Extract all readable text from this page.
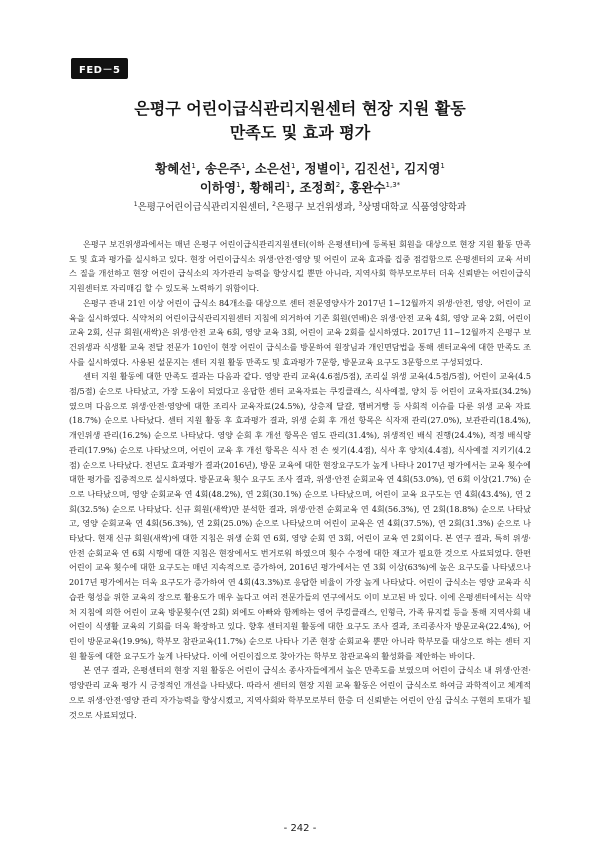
FED－5
은평구 어린이급식관리지원센터 현장 지원 활동
만족도 및 효과 평가
황혜선$^1$, 송은주$^1$, 소은선$^1$, 정별이$^1$, 김진선$^1$, 김지영$^1$
이하영$^1$, 황해리$^1$, 조정희$^2$, 홍완수$^{1,3*}$
$^1$은평구어린이급식관리지원센터, $^2$은평구 보건위생과, $^3$상명대학교 식품영양학과

은평구 보건위생과에서는 매년 은평구 어린이급식관리지원센터(이하 은평센터)에 등록된 회원을 대상으로 현장 지원 활동 만족도 및 효과 평가를 실시하고 있다. 현장 어린이급식소 위생·안전·영양 및 어린이 교육 효과를 집중 점검함으로 은평센터의 교육 서비스 질을 개선하고 현장 어린이 급식소의 자가관리 능력을 향상시킬 뿐만 아니라, 지역사회 학부모로부터 더욱 신뢰받는 어린이급식지원센터로 자리매김 할 수 있도록 노력하기 위함이다.

은평구 관내 21인 이상 어린이 급식소 84개소를 대상으로 센터 전문영양사가 2017년 1~12월까지 위생·안전, 영양, 어린이 교육을 실시하였다. 식약처의 어린이급식관리지원센터 지침에 의거하여 기존 회원(연배)은 위생·안전 교육 4회, 영양 교육 2회, 어린이 교육 2회, 신규 회원(새싹)은 위생·안전 교육 6회, 영양 교육 3회, 어린이 교육 2회를 실시하였다. 2017년 11~12월까지 은평구 보건위생과 식생활 교육 전달 전문가 10인이 현장 어린이 급식소를 방문하여 원장님과 개인면담법을 통해 센터교육에 대한 만족도 조사를 실시하였다. 사용된 설문지는 센터 지원 활동 만족도 및 효과평가 7문항, 방문교육 요구도 3문항으로 구성되었다.

센터 지원 활동에 대한 만족도 결과는 다음과 같다. 영양 관리 교육(4.6점/5점), 조리실 위생 교육(4.5점/5점), 어린이 교육(4.5점/5점) 순으로 나타났고, 가장 도움이 되었다고 응답한 센터 교육자료는 쿠킹클래스, 식사예절, 양치 등 어린이 교육자료(34.2%)였으며 다음으로 위생·안전·영양에 대한 조리사 교육자료(24.5%), 상층제 달걀, 햄버거빵 등 사회적 이슈를 다룬 위생 교육 자료(18.7%) 순으로 나타났다. 센터 지원 활동 후 효과평가 결과, 위생 순회 후 개선 항목은 식자재 관리(27.0%), 보관관리(18.4%), 개인위생 관리(16.2%) 순으로 나타났다. 영양 순회 후 개선 항목은 염도 관리(31.4%), 위생적인 배식 진행(24.4%), 적정 배식량 관리(17.9%) 순으로 나타났으며, 어린이 교육 후 개선 항목은 식사 전 손 씻기(4.4점), 식사 후 양치(4.4점), 식사예절 지키기(4.2점) 순으로 나타났다. 전년도 효과평가 결과(2016년), 방문 교육에 대한 현장요구도가 높게 나타나 2017년 평가에서는 교육 횟수에 대한 평가를 집중적으로 실시하였다. 방문교육 횟수 요구도 조사 결과, 위생·안전 순회교육 연 4회(53.0%), 연 6회 이상(21.7%) 순으로 나타났으며, 영양 순회교육 연 4회(48.2%), 연 2회(30.1%) 순으로 나타났으며, 어린이 교육 요구도는 연 4회(43.4%), 연 2회(32.5%) 순으로 나타났다. 신규 회원(새싹)만 분석한 결과, 위생·안전 순회교육 연 4회(56.3%), 연 2회(18.8%) 순으로 나타났고, 영양 순회교육 연 4회(56.3%), 연 2회(25.0%) 순으로 나타났으며 어린이 교육은 연 4회(37.5%), 연 2회(31.3%) 순으로 나타났다. 현재 신규 회원(새싹)에 대한 지침은 위생 순회 연 6회, 영양 순회 연 3회, 어린이 교육 연 2회이다. 본 연구 결과, 특히 위생·안전 순회교육 연 6회 시행에 대한 지침은 현장에서도 번거로워 하였으며 횟수 수정에 대한 재고가 필요한 것으로 사료되었다. 한편 어린이 교육 횟수에 대한 요구도는 매년 지속적으로 증가하여, 2016년 평가에서는 연 3회 이상(63%)에 높은 요구도를 나타냈으나 2017년 평가에서는 더욱 요구도가 증가하여 연 4회(43.3%)로 응답한 비율이 가장 높게 나타났다. 어린이 급식소는 영양 교육과 식습관 형성을 위한 교육의 장으로 활용도가 매우 높다고 여러 전문가들의 연구에서도 이미 보고된 바 있다. 이에 은평센터에서는 식약처 지침에 의한 어린이 교육 방문횟수(연 2회) 외에도 아빠와 함께하는 영어 쿠킹클래스, 인형극, 가족 뮤지컬 등을 통해 지역사회 내 어린이 식생활 교육의 기회를 더욱 확장하고 있다. 향후 센터지원 활동에 대한 요구도 조사 결과, 조리종사자 방문교육(22.4%), 어린이 방문교육(19.9%), 학부모 참관교육(11.7%) 순으로 나타나 기존 현장 순회교육 뿐만 아니라 학부모를 대상으로 하는 센터 지원 활동에 대한 요구도가 높게 나타났다. 이에 어린이집으로 찾아가는 학부모 참관교육의 활성화를 제안하는 바이다.

본 연구 결과, 은평센터의 현장 지원 활동은 어린이 급식소 종사자들에게서 높은 만족도를 보였으며 어린이 급식소 내 위생·안전·영양관리 교육 평가 시 긍정적인 개선을 나타냈다. 따라서 센터의 현장 지원 교육 활동은 어린이 급식소로 하여금 과학적이고 체계적으로 위생·안전·영양 관리 자가능력을 향상시켰고, 지역사회와 학부모로부터 한층 더 신뢰받는 어린이 안심 급식소 구현의 토대가 될 것으로 사료되었다.

- 242 -
